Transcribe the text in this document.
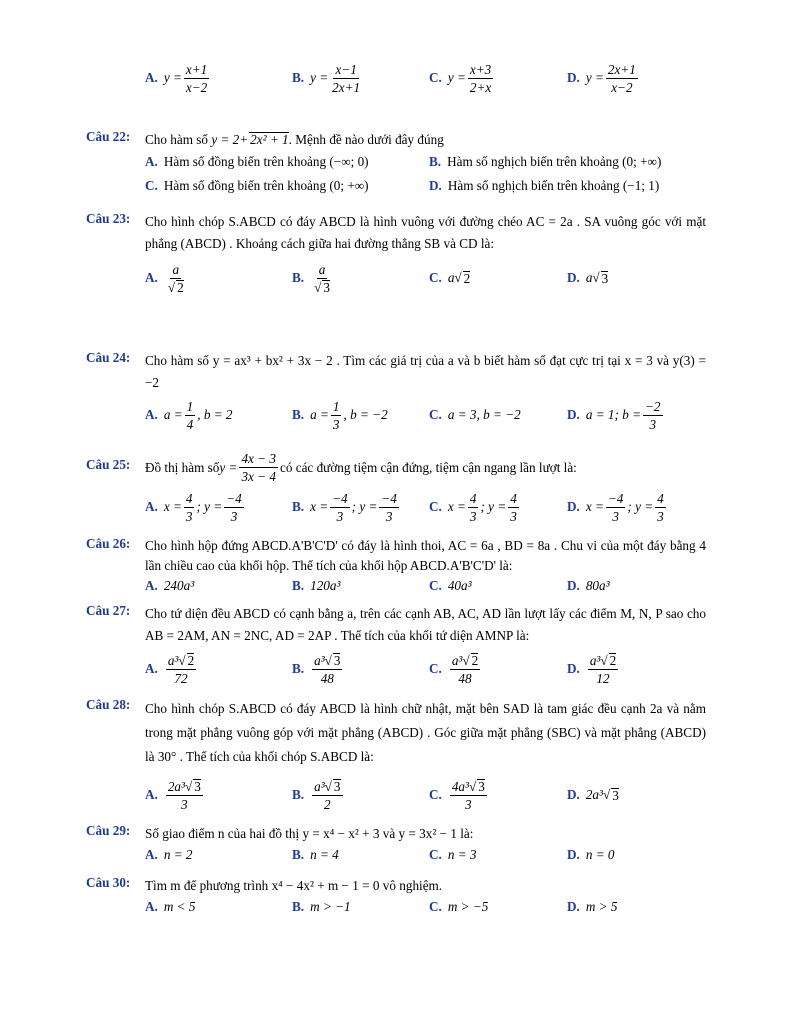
A. $y = \frac{x+1}{x-2}$	B. $y = \frac{x-1}{2x+1}$	C. $y = \frac{x+3}{2+x}$	D. $y = \frac{2x+1}{x-2}$
Câu 22: Cho hàm số y = 2+ 2x² + 1. Mệnh đề nào dưới đây đúng
A. Hàm số đồng biến trên khoảng (−∞; 0)	B. Hàm số nghịch biến trên khoảng (0; +∞)
C. Hàm số đồng biến trên khoảng (0; +∞)	D. Hàm số nghịch biến trên khoảng (−1; 1)
Câu 23: Cho hình chóp S.ABCD có đáy ABCD là hình vuông với đường chéo AC = 2a . SA vuông góc với mặt phẳng (ABCD) . Khoảng cách giữa hai đường thẳng SB và CD là:
A. $\frac{a}{√ 2}$	B. $\frac{a}{√ 3}$	C. a √ 2	D. a √ 3
Câu 24: Cho hàm số y = ax³ + bx² + 3x − 2 . Tìm các giá trị của a và b biết hàm số đạt cực trị tại x = 3 và y(3) = −2
A. $a = \frac{1}{4}$ , b = 2	B. $a = \frac{1}{3}$ , b = −2	C. a = 3, b = −2	D. a = 1; $b = \frac{-2}{3}$
Câu 25: Đồ thị hàm số $y = \frac{4x - 3}{3x - 4}$ có các đường tiệm cận đứng, tiệm cận ngang lần lượt là:
A. $x = \frac{4}{3}$ ; $y = \frac{-4}{3}$	B. $x = \frac{-4}{3}$ ; $y = \frac{-4}{3} C$. $x = \frac{4}{3}$ ; $y = \frac{4}{3}$	D. $x = \frac{-4}{3}$ ; $y = \frac{4}{3}$
Câu 26: Cho hình hộp đứng ABCD.A'B'C'D' có đáy là hình thoi, AC = 6a , BD = 8a . Chu vi của một đáy bằng 4 lần chiều cao của khối hộp. Thể tích của khối hộp ABCD.A'B'C'D' là:
A. 240a³	B. 120a³	C. 40a³	D. 80a³
Câu 27: Cho tứ diện đều ABCD có cạnh bằng a, trên các cạnh AB, AC, AD lần lượt lấy các điểm M, N, P sao cho AB = 2AM, AN = 2NC, AD = 2AP . Thể tích của khối tứ diện AMNP là:
A. $\frac{\text{a³√ 2}}{72}$	B. $\frac{\text{a³√ 3}}{48}$	C. $\frac{\text{a³√ 2}}{48}$	D. $\frac{\text{a³√ 2}}{12}$
Câu 28: Cho hình chóp S.ABCD có đáy ABCD là hình chữ nhật, mặt bên SAD là tam giác đều cạnh 2a và nằm trong mặt phẳng vuông góp với mặt phẳng (ABCD) . Góc giữa mặt phẳng (SBC) và mặt phẳng (ABCD) là 30° . Thể tích của khối chóp S.ABCD là:
A. $\frac{\text{2a³√ 3}}{3}$	B. $\frac{\text{a³√ 3}}{2}$	C. $\frac{\text{4a³√ 3}}{3}$	D. 2a³ √ 3
Câu 29: Số giao điểm n của hai đồ thị y = x⁴ − x² + 3 và y = 3x² − 1 là:
A. n = 2	B. n = 4	C. n = 3	D. n = 0
Câu 30: Tìm m để phương trình x⁴ − 4x² + m − 1 = 0 vô nghiệm.
A. m < 5	B. m > −1	C. m > −5	D. m > 5
